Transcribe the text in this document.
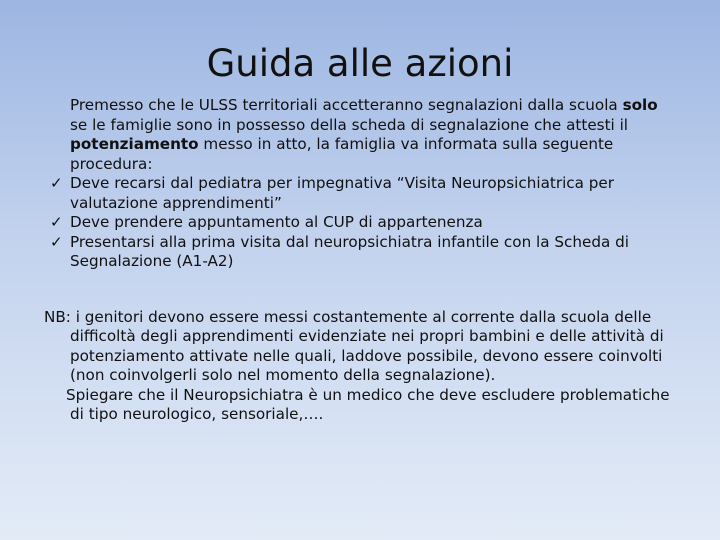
Guida alle azioni

Premesso che le ULSS territoriali accetteranno segnalazioni dalla scuola solo se le famiglie sono in possesso della scheda di segnalazione che attesti il potenziamento messo in atto, la famiglia va informata sulla seguente procedura:

✓ Deve recarsi dal pediatra per impegnativa “Visita Neuropsichiatrica per valutazione apprendimenti”
✓ Deve prendere appuntamento al CUP di appartenenza
✓ Presentarsi alla prima visita dal neuropsichiatra infantile con la Scheda di Segnalazione (A1-A2)

NB: i genitori devono essere messi costantemente al corrente dalla scuola delle difficoltà degli apprendimenti evidenziate nei propri bambini e delle attività di potenziamento attivate nelle quali, laddove possibile, devono essere coinvolti (non coinvolgerli solo nel momento della segnalazione).

Spiegare che il Neuropsichiatra è un medico che deve escludere problematiche di tipo neurologico, sensoriale,….
